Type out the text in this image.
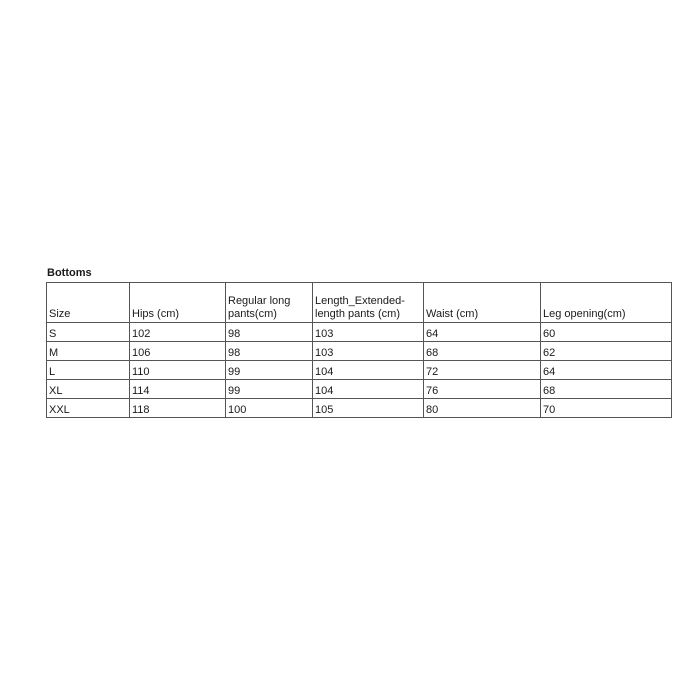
Bottoms
Size	Hips (cm)	Regular long pants(cm)	Length_Extended-length pants (cm)	Waist (cm)	Leg opening(cm)
S	102	98	103	64	60
M	106	98	103	68	62
L	110	99	104	72	64
XL	114	99	104	76	68
XXL	118	100	105	80	70
